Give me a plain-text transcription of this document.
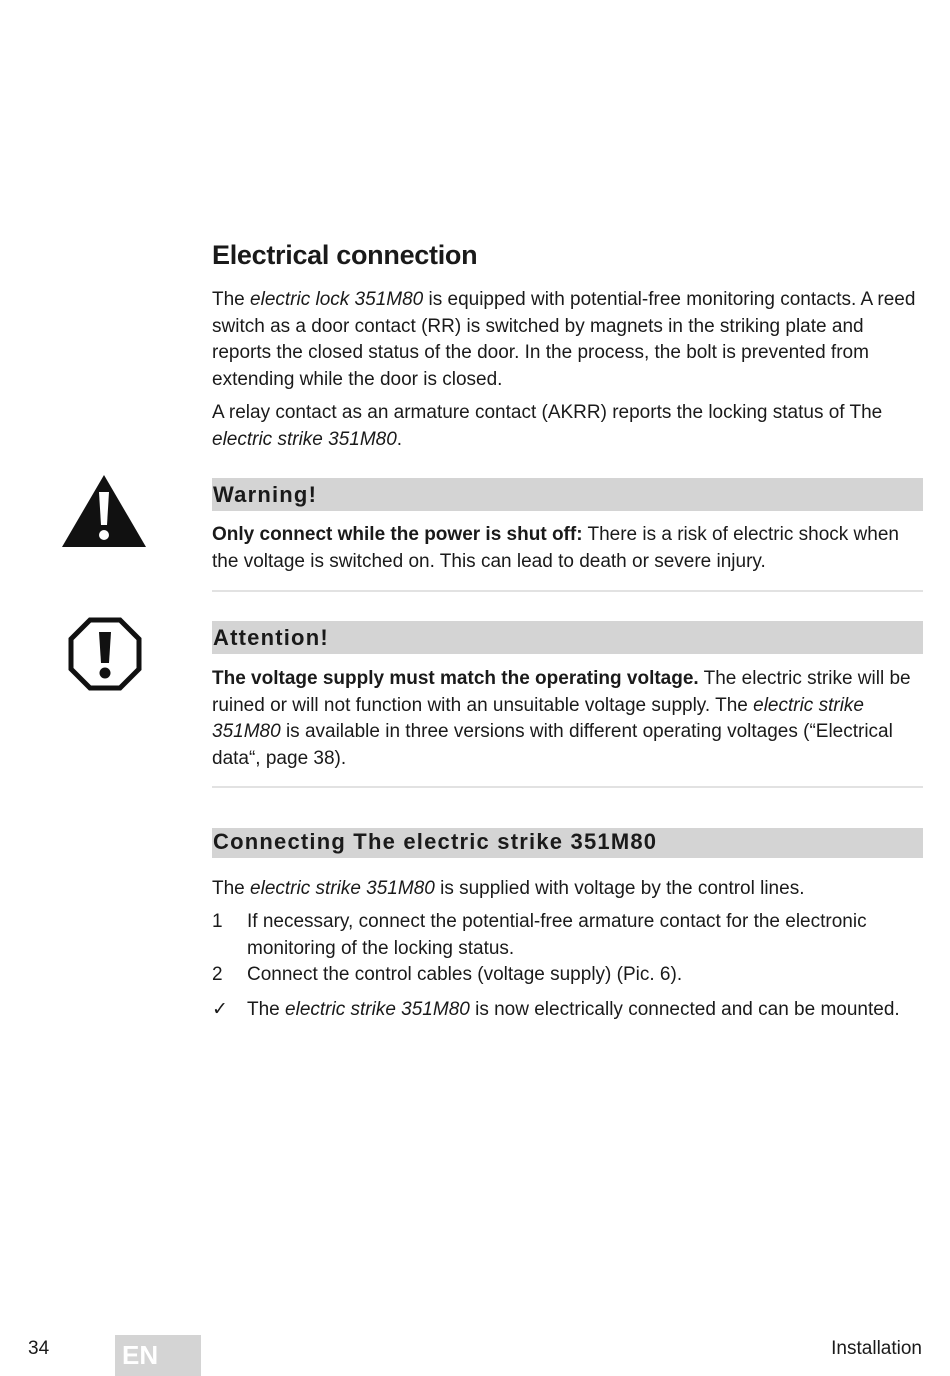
Electrical connection

The electric lock 351M80 is equipped with potential-free monitoring contacts. A reed switch as a door contact (RR) is switched by magnets in the striking plate and reports the closed status of the door. In the process, the bolt is prevented from extending while the door is closed.

A relay contact as an armature contact (AKRR) reports the locking status of The electric strike 351M80.

Warning!

Only connect while the power is shut off: There is a risk of electric shock when the voltage is switched on. This can lead to death or severe injury.

Attention!

The voltage supply must match the operating voltage. The electric strike will be ruined or will not function with an unsuitable voltage supply. The electric strike 351M80 is available in three versions with different operating voltages (“Electrical data“, page 38).

Connecting The electric strike 351M80

The electric strike 351M80 is supplied with voltage by the control lines.

1 If necessary, connect the potential-free armature contact for the electronic monitoring of the locking status.
2 Connect the control cables (voltage supply) (Pic. 6).
✓ The electric strike 351M80 is now electrically connected and can be mounted.
34	EN	Installation
